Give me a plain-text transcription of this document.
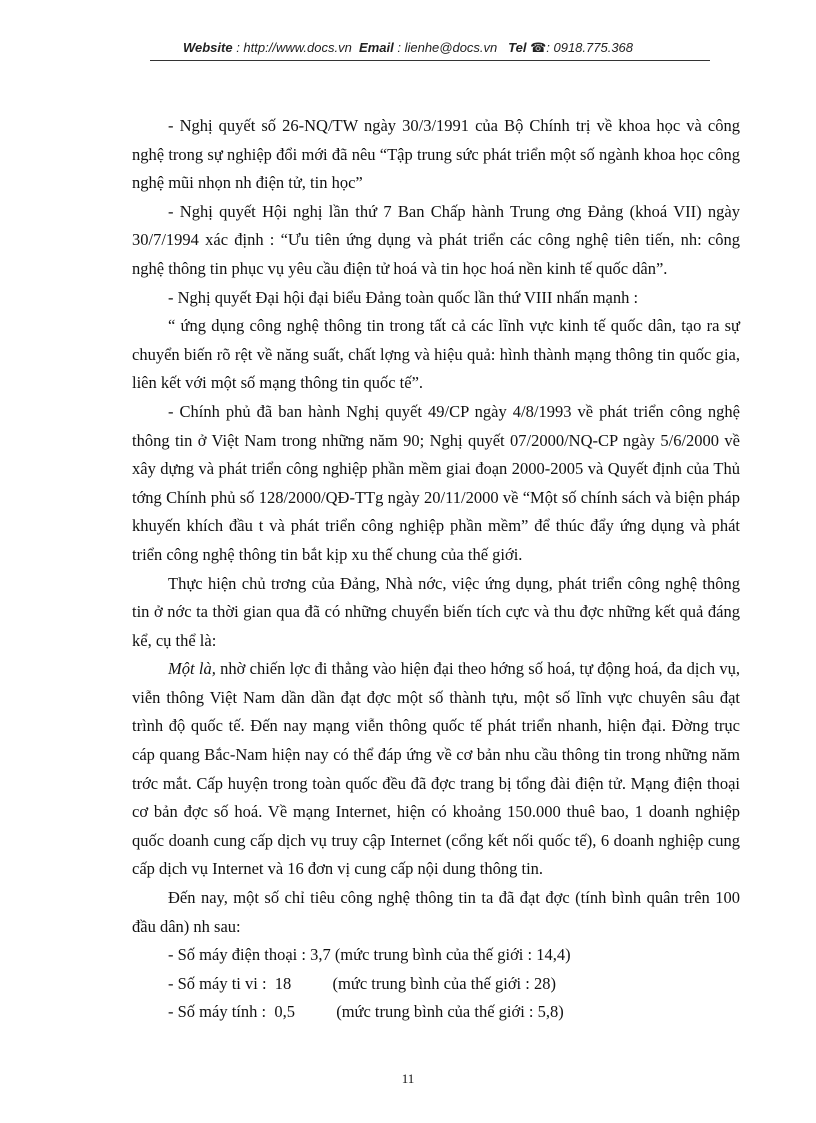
Website : http://www.docs.vn Email : lienhe@docs.vn Tel ☎: 0918.775.368

- Nghị quyết số 26-NQ/TW ngày 30/3/1991 của Bộ Chính trị về khoa học và công nghệ trong sự nghiệp đổi mới đã nêu “Tập trung sức phát triển một số ngành khoa học công nghệ mũi nhọn nh điện tử, tin học”

- Nghị quyết Hội nghị lần thứ 7 Ban Chấp hành Trung ơng Đảng (khoá VII) ngày 30/7/1994 xác định : “Ưu tiên ứng dụng và phát triển các công nghệ tiên tiến, nh: công nghệ thông tin phục vụ yêu cầu điện tử hoá và tin học hoá nền kinh tế quốc dân”.

- Nghị quyết Đại hội đại biểu Đảng toàn quốc lần thứ VIII nhấn mạnh :

“ ứng dụng công nghệ thông tin trong tất cả các lĩnh vực kinh tế quốc dân, tạo ra sự chuyển biến rõ rệt về năng suất, chất lợng và hiệu quả: hình thành mạng thông tin quốc gia, liên kết với một số mạng thông tin quốc tế”.

- Chính phủ đã ban hành Nghị quyết 49/CP ngày 4/8/1993 về phát triển công nghệ thông tin ở Việt Nam trong những năm 90; Nghị quyết 07/2000/NQ-CP ngày 5/6/2000 về xây dựng và phát triển công nghiệp phần mềm giai đoạn 2000-2005 và Quyết định của Thủ tớng Chính phủ số 128/2000/QĐ-TTg ngày 20/11/2000 về “Một số chính sách và biện pháp khuyến khích đầu t và phát triển công nghiệp phần mềm” để thúc đẩy ứng dụng và phát triển công nghệ thông tin bắt kịp xu thế chung của thế giới.

Thực hiện chủ trơng của Đảng, Nhà nớc, việc ứng dụng, phát triển công nghệ thông tin ở nớc ta thời gian qua đã có những chuyển biến tích cực và thu đợc những kết quả đáng kể, cụ thể là:

Một là, nhờ chiến lợc đi thẳng vào hiện đại theo hớng số hoá, tự động hoá, đa dịch vụ, viễn thông Việt Nam dần dần đạt đợc một số thành tựu, một số lĩnh vực chuyên sâu đạt trình độ quốc tế. Đến nay mạng viễn thông quốc tế phát triển nhanh, hiện đại. Đờng trục cáp quang Bắc-Nam hiện nay có thể đáp ứng về cơ bản nhu cầu thông tin trong những năm trớc mắt. Cấp huyện trong toàn quốc đều đã đợc trang bị tổng đài điện tử. Mạng điện thoại cơ bản đợc số hoá. Về mạng Internet, hiện có khoảng 150.000 thuê bao, 1 doanh nghiệp quốc doanh cung cấp dịch vụ truy cập Internet (cổng kết nối quốc tế), 6 doanh nghiệp cung cấp dịch vụ Internet và 16 đơn vị cung cấp nội dung thông tin.

Đến nay, một số chỉ tiêu công nghệ thông tin ta đã đạt đợc (tính bình quân trên 100 đầu dân) nh sau:

- Số máy điện thoại : 3,7 (mức trung bình của thế giới : 14,4)

- Số máy ti vi :  18          (mức trung bình của thế giới : 28)

- Số máy tính :  0,5          (mức trung bình của thế giới : 5,8)

11
